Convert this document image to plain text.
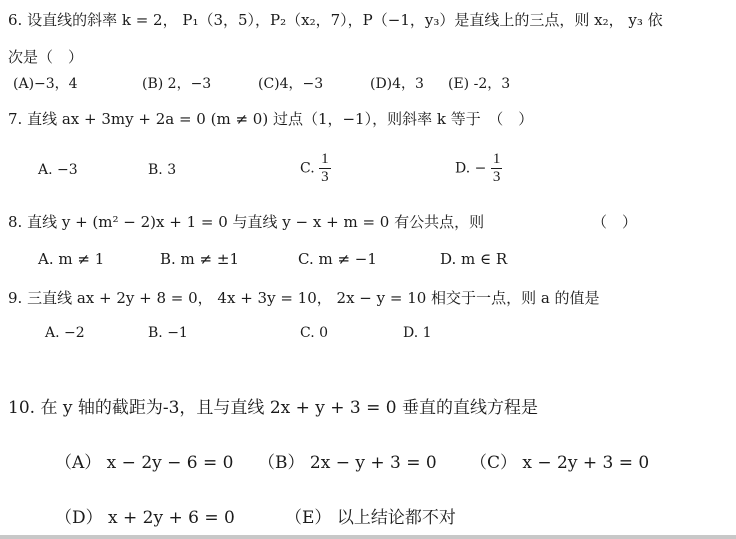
6. 设直线的斜率 k = 2， P₁（3，5），P₂（x₂，7），P（−1，y₃）是直线上的三点，则 x₂， y₃ 依
次是（　）
(A)−3，4	(B) 2，−3	(C)4，−3	(D)4，3 (E) -2，3
7. 直线 ax + 3my + 2a = 0 (m ≠ 0) 过点（1，−1），则斜率 k 等于　（　）
A. −3	B. 3	C. $\frac{1}{3}$	D. − $\frac{1}{3}$
8. 直线 y + (m² − 2)x + 1 = 0 与直线 y − x + m = 0 有公共点，则	（　）
A. m ≠ 1	B. m ≠ ±1	C. m ≠ −1	D. m ∈ R
9. 三直线 ax + 2y + 8 = 0， 4x + 3y = 10， 2x − y = 10 相交于一点，则 a 的值是
A. −2	B. −1	C. 0	D. 1
10. 在 y 轴的截距为-3，且与直线 2x + y + 3 = 0 垂直的直线方程是
（A） x − 2y − 6 = 0 （B） 2x − y + 3 = 0 （C） x − 2y + 3 = 0
（D） x + 2y + 6 = 0	（E） 以上结论都不对
